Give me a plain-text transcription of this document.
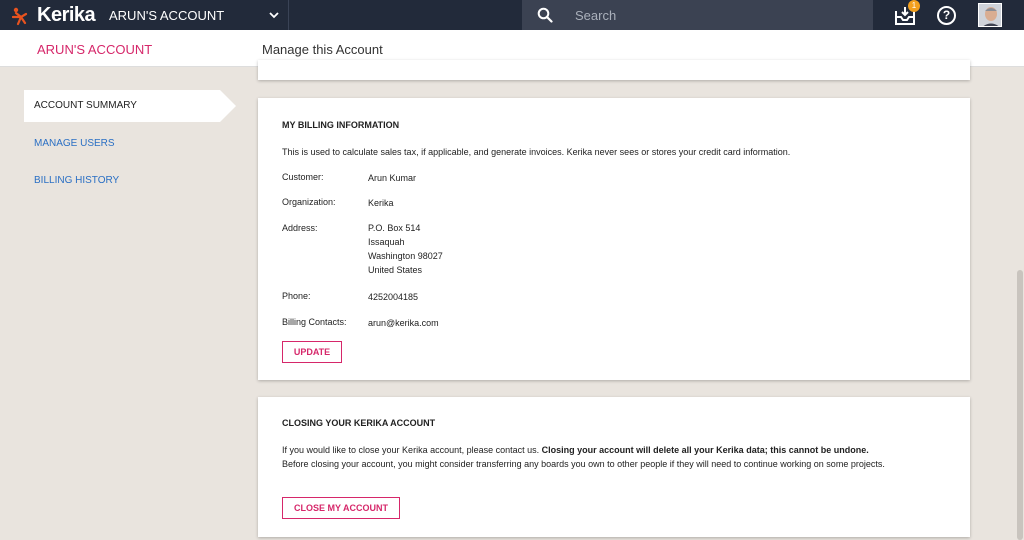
Kerika ARUN'S ACCOUNT	Search
1
?
ARUN'S ACCOUNT	Manage this Account
ACCOUNT SUMMARY
MANAGE USERS
BILLING HISTORY
MY BILLING INFORMATION
This is used to calculate sales tax, if applicable, and generate invoices. Kerika never sees or stores your credit card information.
Customer:	Arun Kumar
Organization:	Kerika
Address:	P.O. Box 514
Issaquah
Washington 98027
United States
Phone:	4252004185
Billing Contacts: arun@kerika.com
UPDATE
CLOSING YOUR KERIKA ACCOUNT
If you would like to close your Kerika account, please contact us. Closing your account will delete all your Kerika data; this cannot be undone.
Before closing your account, you might consider transferring any boards you own to other people if they will need to continue working on some projects.
CLOSE MY ACCOUNT
